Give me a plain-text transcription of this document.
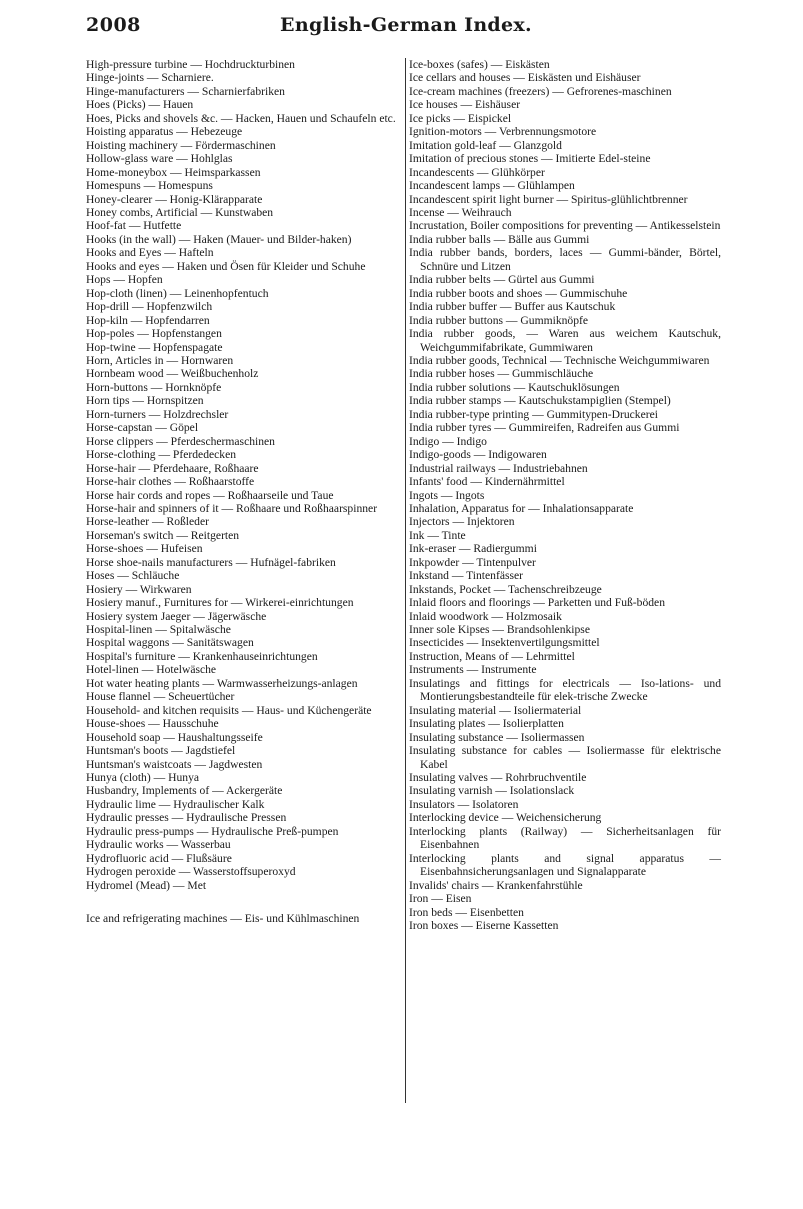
2008	English-German Index.

High-pressure turbine — Hochdruckturbinen

Hinge-joints — Scharniere.

Hinge-manufacturers — Scharnierfabriken

Hoes (Picks) — Hauen

Hoes, Picks and shovels &c. — Hacken, Hauen und Schaufeln etc.

Hoisting apparatus — Hebezeuge

Hoisting machinery — Fördermaschinen

Hollow-glass ware — Hohlglas

Home-moneybox — Heimsparkassen

Homespuns — Homespuns

Honey-clearer — Honig-Klärapparate

Honey combs, Artificial — Kunstwaben

Hoof-fat — Hutfette

Hooks (in the wall) — Haken (Mauer- und Bilder-haken)

Hooks and Eyes — Hafteln

Hooks and eyes — Haken und Ösen für Kleider und Schuhe

Hops — Hopfen

Hop-cloth (linen) — Leinenhopfentuch

Hop-drill — Hopfenzwilch

Hop-kiln — Hopfendarren

Hop-poles — Hopfenstangen

Hop-twine — Hopfenspagate

Horn, Articles in — Hornwaren

Hornbeam wood — Weißbuchenholz

Horn-buttons — Hornknöpfe

Horn tips — Hornspitzen

Horn-turners — Holzdrechsler

Horse-capstan — Göpel

Horse clippers — Pferdeschermaschinen

Horse-clothing — Pferdedecken

Horse-hair — Pferdehaare, Roßhaare

Horse-hair clothes — Roßhaarstoffe

Horse hair cords and ropes — Roßhaarseile und Taue

Horse-hair and spinners of it — Roßhaare und Roßhaarspinner

Horse-leather — Roßleder

Horseman's switch — Reitgerten

Horse-shoes — Hufeisen

Horse shoe-nails manufacturers — Hufnägel-fabriken

Hoses — Schläuche

Hosiery — Wirkwaren

Hosiery manuf., Furnitures for — Wirkerei-einrichtungen

Hosiery system Jaeger — Jägerwäsche

Hospital-linen — Spitalwäsche

Hospital waggons — Sanitätswagen

Hospital's furniture — Krankenhauseinrichtungen

Hotel-linen — Hotelwäsche

Hot water heating plants — Warmwasserheizungs-anlagen

House flannel — Scheuertücher

Household- and kitchen requisits — Haus- und Küchengeräte

House-shoes — Hausschuhe

Household soap — Haushaltungsseife

Huntsman's boots — Jagdstiefel

Huntsman's waistcoats — Jagdwesten

Hunya (cloth) — Hunya

Husbandry, Implements of — Ackergeräte

Hydraulic lime — Hydraulischer Kalk

Hydraulic presses — Hydraulische Pressen

Hydraulic press-pumps — Hydraulische Preß-pumpen

Hydraulic works — Wasserbau

Hydrofluoric acid — Flußsäure

Hydrogen peroxide — Wasserstoffsuperoxyd

Hydromel (Mead) — Met

Ice and refrigerating machines — Eis- und Kühlmaschinen

Ice-boxes (safes) — Eiskästen

Ice cellars and houses — Eiskästen und Eishäuser

Ice-cream machines (freezers) — Gefrorenes-maschinen

Ice houses — Eishäuser

Ice picks — Eispickel

Ignition-motors — Verbrennungsmotore

Imitation gold-leaf — Glanzgold

Imitation of precious stones — Imitierte Edel-steine

Incandescents — Glühkörper

Incandescent lamps — Glühlampen

Incandescent spirit light burner — Spiritus-glühlichtbrenner

Incense — Weihrauch

Incrustation, Boiler compositions for preventing — Antikesselstein

India rubber balls — Bälle aus Gummi

India rubber bands, borders, laces — Gummi-bänder, Börtel, Schnüre und Litzen

India rubber belts — Gürtel aus Gummi

India rubber boots and shoes — Gummischuhe

India rubber buffer — Buffer aus Kautschuk

India rubber buttons — Gummiknöpfe

India rubber goods, — Waren aus weichem Kautschuk, Weichgummifabrikate, Gummiwaren

India rubber goods, Technical — Technische Weichgummiwaren

India rubber hoses — Gummischläuche

India rubber solutions — Kautschuklösungen

India rubber stamps — Kautschukstampiglien (Stempel)

India rubber-type printing — Gummitypen-Druckerei

India rubber tyres — Gummireifen, Radreifen aus Gummi

Indigo — Indigo

Indigo-goods — Indigowaren

Industrial railways — Industriebahnen

Infants' food — Kindernährmittel

Ingots — Ingots

Inhalation, Apparatus for — Inhalationsapparate

Injectors — Injektoren

Ink — Tinte

Ink-eraser — Radiergummi

Inkpowder — Tintenpulver

Inkstand — Tintenfässer

Inkstands, Pocket — Tachenschreibzeuge

Inlaid floors and floorings — Parketten und Fuß-böden

Inlaid woodwork — Holzmosaik

Inner sole Kipses — Brandsohlenkipse

Insecticides — Insektenvertilgungsmittel

Instruction, Means of — Lehrmittel

Instruments — Instrumente

Insulatings and fittings for electricals — Iso-lations- und Montierungsbestandteile für elek-trische Zwecke

Insulating material — Isoliermaterial

Insulating plates — Isolierplatten

Insulating substance — Isoliermassen

Insulating substance for cables — Isoliermasse für elektrische Kabel

Insulating valves — Rohrbruchventile

Insulating varnish — Isolationslack

Insulators — Isolatoren

Interlocking device — Weichensicherung

Interlocking plants (Railway) — Sicherheitsanlagen für Eisenbahnen

Interlocking plants and signal apparatus — Eisenbahnsicherungsanlagen und Signalapparate

Invalids' chairs — Krankenfahrstühle

Iron — Eisen

Iron beds — Eisenbetten

Iron boxes — Eiserne Kassetten
